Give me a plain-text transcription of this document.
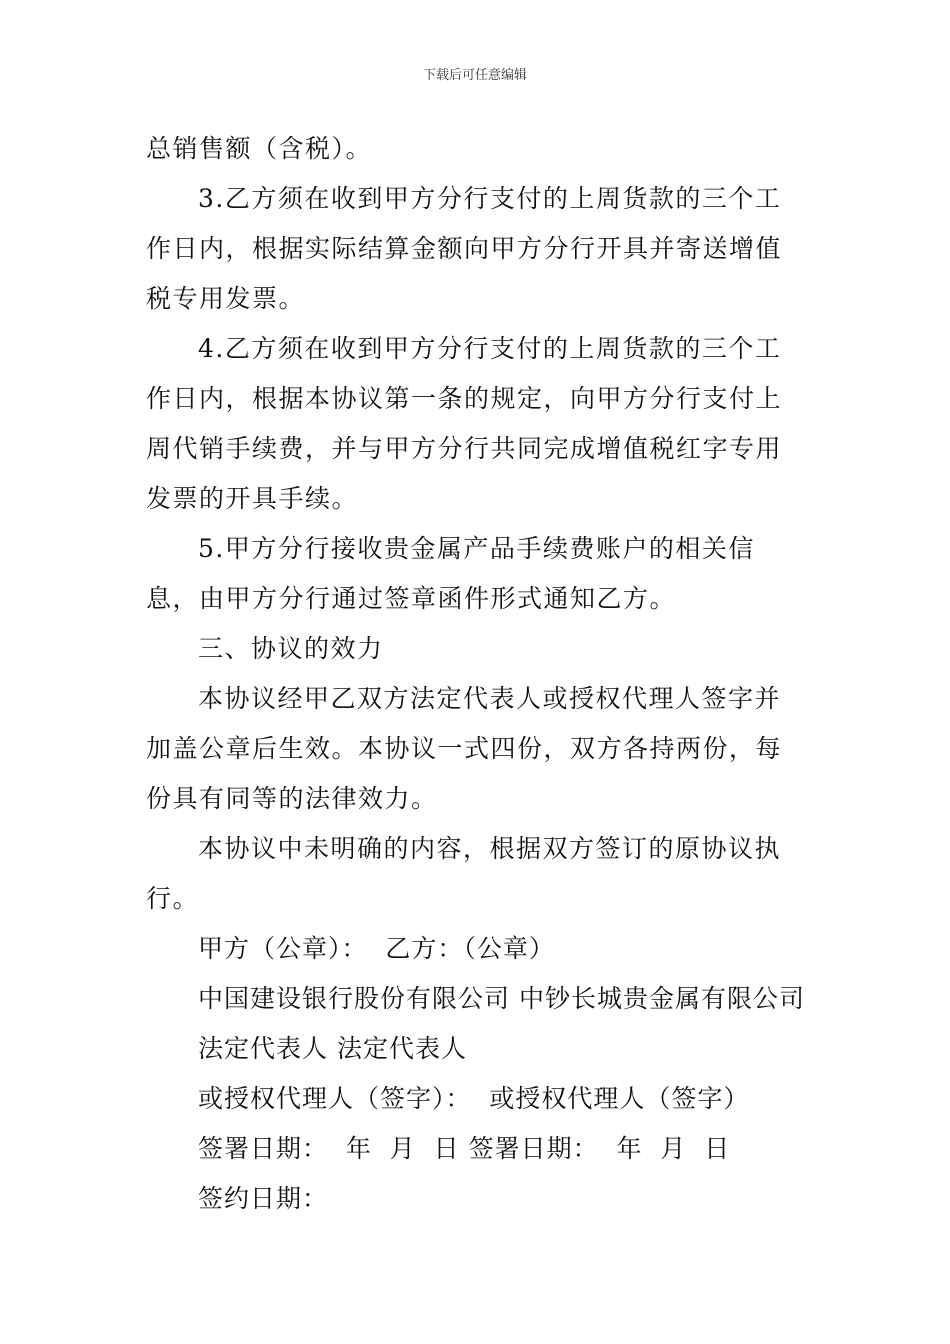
下载后可任意编辑

总销售额（含税）。

3.乙方须在收到甲方分行支付的上周货款的三个工作日内，根据实际结算金额向甲方分行开具并寄送增值税专用发票。

4.乙方须在收到甲方分行支付的上周货款的三个工作日内，根据本协议第一条的规定，向甲方分行支付上周代销手续费，并与甲方分行共同完成增值税红字专用发票的开具手续。

5.甲方分行接收贵金属产品手续费账户的相关信息，由甲方分行通过签章函件形式通知乙方。

三、协议的效力

本协议经甲乙双方法定代表人或授权代理人签字并加盖公章后生效。本协议一式四份，双方各持两份，每份具有同等的法律效力。

本协议中未明确的内容，根据双方签订的原协议执行。

甲方（公章）：  乙方：（公章）

中国建设银行股份有限公司 中钞长城贵金属有限公司

法定代表人 法定代表人

或授权代理人（签字）：  或授权代理人（签字）

签署日期：  年  月  日 签署日期：  年  月  日

签约日期：
